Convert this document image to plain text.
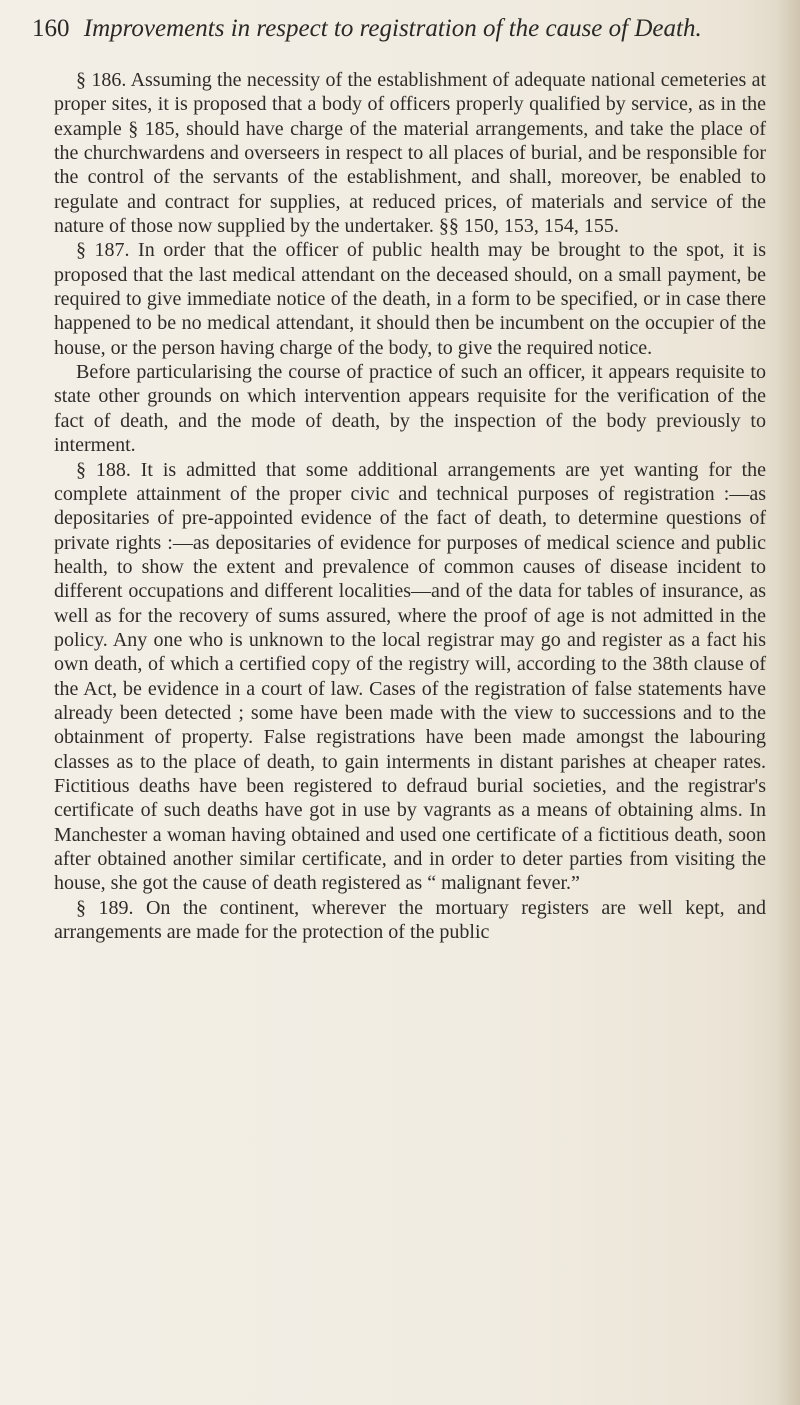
160 Improvements in respect to registration of the cause of Death.

§ 186. Assuming the necessity of the establishment of adequate national cemeteries at proper sites, it is proposed that a body of officers properly qualified by service, as in the example § 185, should have charge of the material arrangements, and take the place of the churchwardens and overseers in respect to all places of burial, and be responsible for the control of the servants of the establishment, and shall, moreover, be enabled to regulate and contract for supplies, at reduced prices, of materials and service of the nature of those now supplied by the undertaker. §§ 150, 153, 154, 155.

§ 187. In order that the officer of public health may be brought to the spot, it is proposed that the last medical attendant on the deceased should, on a small payment, be required to give immediate notice of the death, in a form to be specified, or in case there happened to be no medical attendant, it should then be incumbent on the occupier of the house, or the person having charge of the body, to give the required notice.

Before particularising the course of practice of such an officer, it appears requisite to state other grounds on which intervention appears requisite for the verification of the fact of death, and the mode of death, by the inspection of the body previously to interment.

§ 188. It is admitted that some additional arrangements are yet wanting for the complete attainment of the proper civic and technical purposes of registration :—as depositaries of pre-appointed evidence of the fact of death, to determine questions of private rights :—as depositaries of evidence for purposes of medical science and public health, to show the extent and prevalence of common causes of disease incident to different occupations and different localities—and of the data for tables of insurance, as well as for the recovery of sums assured, where the proof of age is not admitted in the policy. Any one who is unknown to the local registrar may go and register as a fact his own death, of which a certified copy of the registry will, according to the 38th clause of the Act, be evidence in a court of law. Cases of the registration of false statements have already been detected ; some have been made with the view to successions and to the obtainment of property. False registrations have been made amongst the labouring classes as to the place of death, to gain interments in distant parishes at cheaper rates. Fictitious deaths have been registered to defraud burial societies, and the registrar's certificate of such deaths have got in use by vagrants as a means of obtaining alms. In Manchester a woman having obtained and used one certificate of a fictitious death, soon after obtained another similar certificate, and in order to deter parties from visiting the house, she got the cause of death registered as “ malignant fever.”

§ 189. On the continent, wherever the mortuary registers are well kept, and arrangements are made for the protection of the public
